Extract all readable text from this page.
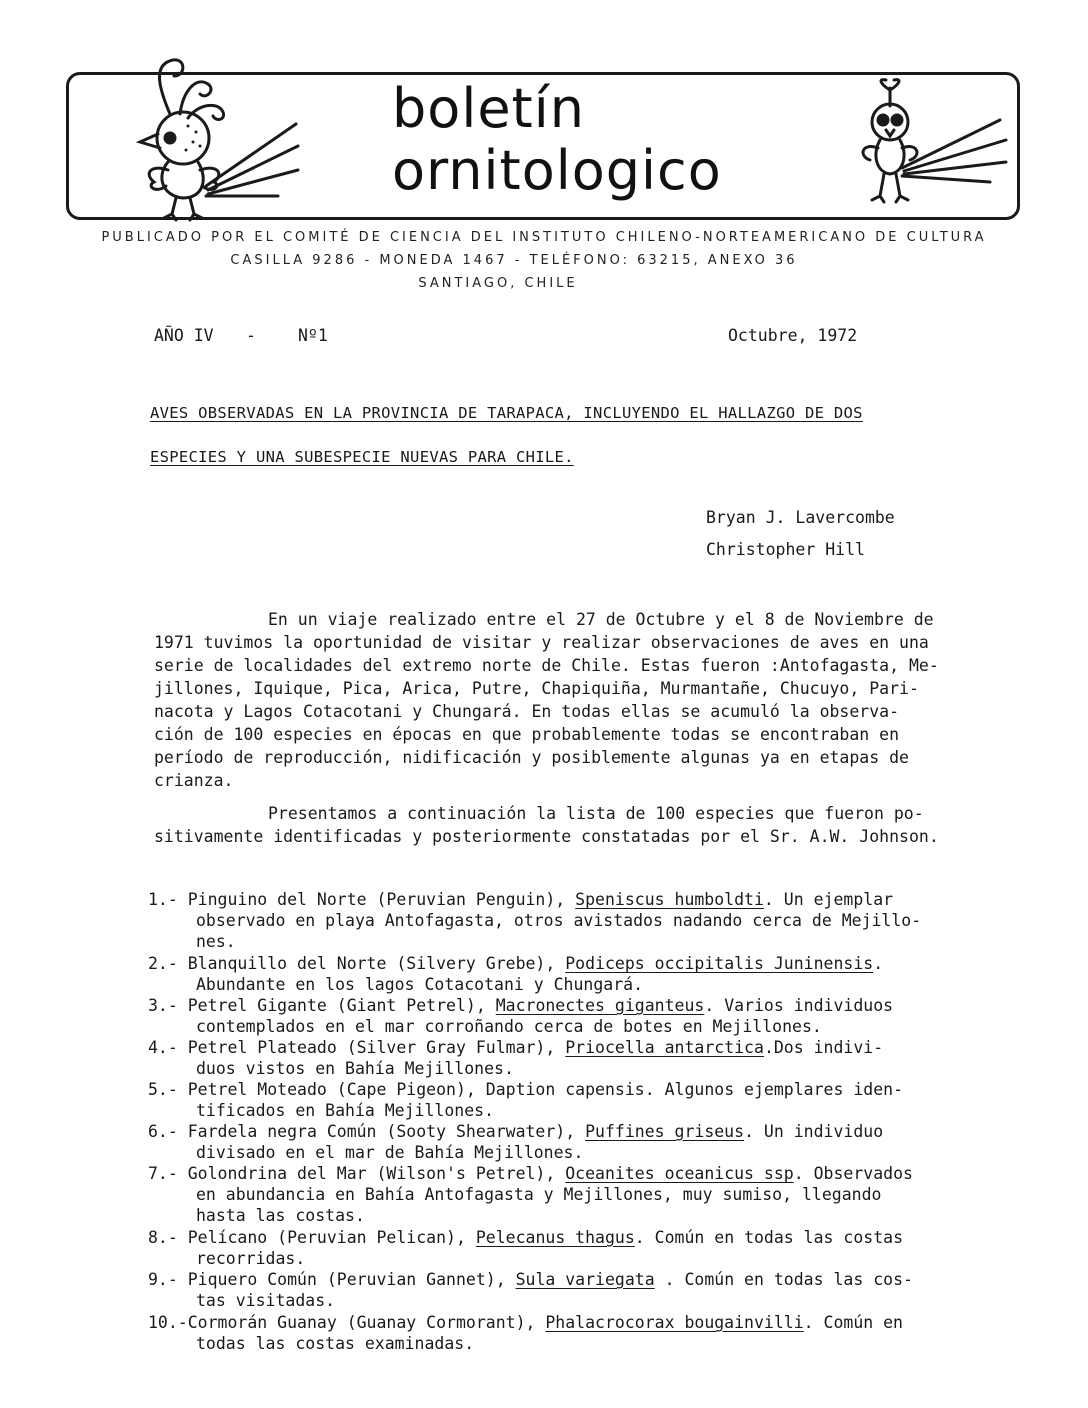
boletín
ornitologico
PUBLICADO POR EL COMITÉ DE CIENCIA DEL INSTITUTO CHILENO-NORTEAMERICANO DE CULTURA
CASILLA 9286 - MONEDA 1467 - TELÉFONO: 63215, ANEXO 36
SANTIAGO, CHILE
AÑO IV -	Nº1	Octubre, 1972
AVES OBSERVADAS EN LA PROVINCIA DE TARAPACA, INCLUYENDO EL HALLAZGO DE DOS
ESPECIES Y UNA SUBESPECIE NUEVAS PARA CHILE.
Bryan J. Lavercombe
Christopher Hill
En un viaje realizado entre el 27 de Octubre y el 8 de Noviembre de
1971 tuvimos la oportunidad de visitar y realizar observaciones de aves en una
serie de localidades del extremo norte de Chile. Estas fueron :Antofagasta, Me-
jillones, Iquique, Pica, Arica, Putre, Chapiquiña, Murmantañe, Chucuyo, Pari-
nacota y Lagos Cotacotani y Chungará. En todas ellas se acumuló la observa-
ción de 100 especies en épocas en que probablemente todas se encontraban en
período de reproducción, nidificación y posiblemente algunas ya en etapas de
crianza.
Presentamos a continuación la lista de 100 especies que fueron po-
sitivamente identificadas y posteriormente constatadas por el Sr. A.W. Johnson.
1.- Pinguino del Norte (Peruvian Penguin), Speniscus humboldti. Un ejemplar
observado en playa Antofagasta, otros avistados nadando cerca de Mejillo-
nes.
2.- Blanquillo del Norte (Silvery Grebe), Podiceps occipitalis Juninensis.
Abundante en los lagos Cotacotani y Chungará.
3.- Petrel Gigante (Giant Petrel), Macronectes giganteus. Varios individuos
contemplados en el mar corroñando cerca de botes en Mejillones.
4.- Petrel Plateado (Silver Gray Fulmar), Priocella antarctica.Dos indivi-
duos vistos en Bahía Mejillones.
5.- Petrel Moteado (Cape Pigeon), Daption capensis. Algunos ejemplares iden-
tificados en Bahía Mejillones.
6.- Fardela negra Común (Sooty Shearwater), Puffines griseus. Un individuo
divisado en el mar de Bahía Mejillones.
7.- Golondrina del Mar (Wilson's Petrel), Oceanites oceanicus ssp. Observados
en abundancia en Bahía Antofagasta y Mejillones, muy sumiso, llegando
hasta las costas.
8.- Pelícano (Peruvian Pelican), Pelecanus thagus. Común en todas las costas
recorridas.
9.- Piquero Común (Peruvian Gannet), Sula variegata . Común en todas las cos-
tas visitadas.
10.-Cormorán Guanay (Guanay Cormorant), Phalacrocorax bougainvilli. Común en
todas las costas examinadas.
